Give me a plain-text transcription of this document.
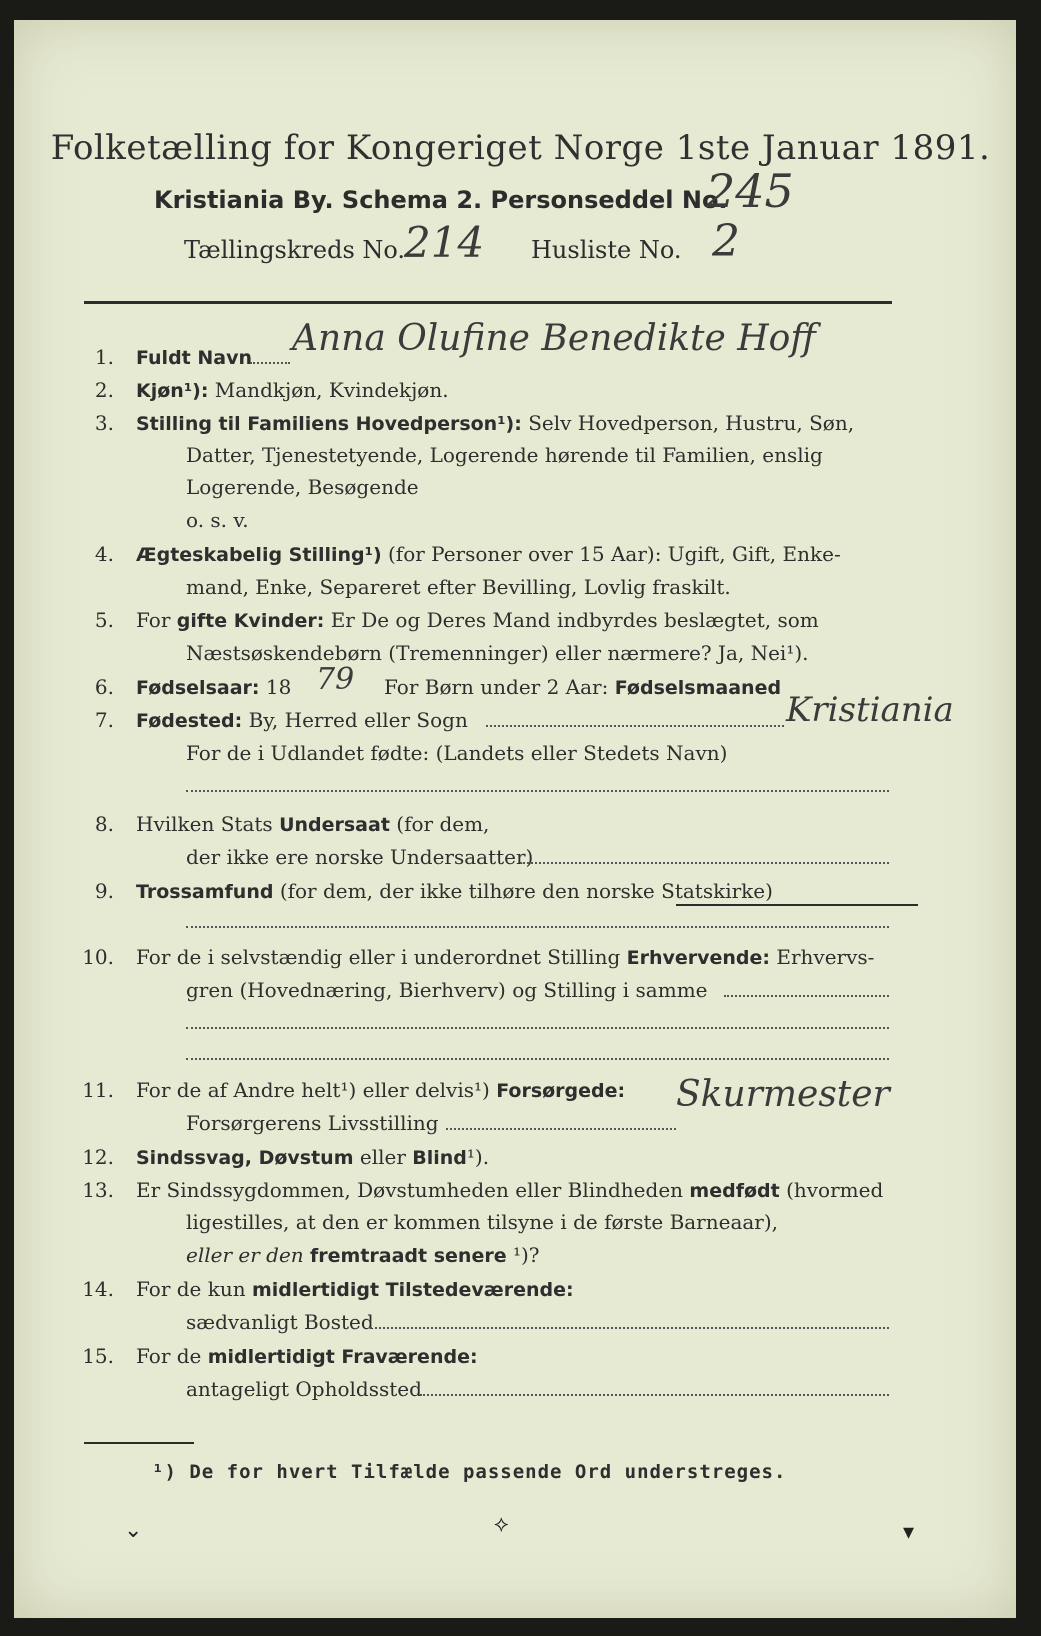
Folketælling for Kongeriget Norge 1ste Januar 1891.
Kristiania By. Schema 2. Personseddel No.
245
Tællingskreds No.
214 Husliste No. 2
1. Fuldt Navn Anna Olufine Benedikte Hoff
2. Kjøn¹): Mandkjøn, Kvindekjøn.
3. Stilling til Familiens Hovedperson¹): Selv Hovedperson, Hustru, Søn,
Datter, Tjenestetyende, Logerende hørende til Familien, enslig
Logerende, Besøgende
o. s. v.
4. Ægteskabelig Stilling¹) (for Personer over 15 Aar): Ugift, Gift, Enke-
mand, Enke, Separeret efter Bevilling, Lovlig fraskilt.
5. For gifte Kvinder: Er De og Deres Mand indbyrdes beslægtet, som
Næstsøskendebørn (Tremenninger) eller nærmere? Ja, Nei¹).
6. Fødselsaar: 18 79 For Børn under 2 Aar: Fødselsmaaned
7. Fødested: By, Herred eller Sogn	Kristiania
For de i Udlandet fødte: (Landets eller Stedets Navn)
8. Hvilken Stats Undersaat (for dem,
der ikke ere norske Undersaatter)
9. Trossamfund (for dem, der ikke tilhøre den norske Statskirke)
10. For de i selvstændig eller i underordnet Stilling Erhvervende: Erhvervs-
gren (Hovednæring, Bierhverv) og Stilling i samme
11. For de af Andre helt¹) eller delvis¹) Forsørgede: Skurmester
Forsørgerens Livsstilling
12. Sindssvag, Døvstum eller Blind¹).
13. Er Sindssygdommen, Døvstumheden eller Blindheden medfødt (hvormed
ligestilles, at den er kommen tilsyne i de første Barneaar),
eller er den fremtraadt senere ¹)?
14. For de kun midlertidigt Tilstedeværende:
sædvanligt Bosted
15. For de midlertidigt Fraværende:
antageligt Opholdssted
¹) De for hvert Tilfælde passende Ord understreges.
⌄	⟡	▾
